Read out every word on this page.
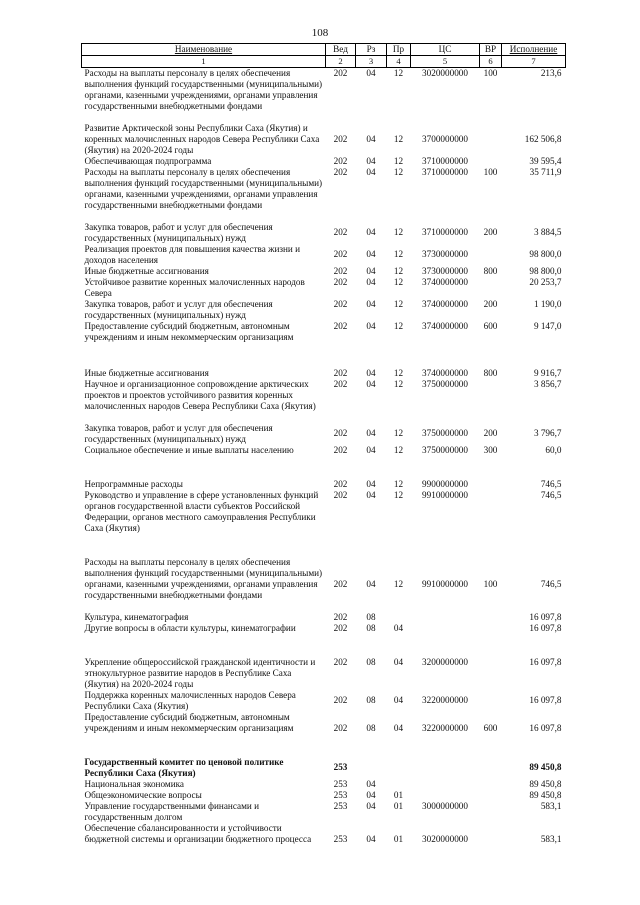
108
Наименование	Вед	Рз	Пр	ЦС	ВР	Исполнение
1	2	3	4	5	6	7
Расходы на выплаты персоналу в целях обеспечения выполнения функций государственными (муниципальными) органами, казенными учреждениями, органами управления государственными внебюджетными фондами	202	04	12	3020000000	100	213,6
Развитие Арктической зоны Республики Саха (Якутия) и коренных малочисленных народов Севера Республики Саха (Якутия) на 2020-2024 годы	202	04	12	3700000000		162 506,8
Обеспечивающая подпрограмма	202	04	12	3710000000		39 595,4
Расходы на выплаты персоналу в целях обеспечения выполнения функций государственными (муниципальными) органами, казенными учреждениями, органами управления государственными внебюджетными фондами	202	04	12	3710000000	100	35 711,9
Закупка товаров, работ и услуг для обеспечения государственных (муниципальных) нужд	202	04	12	3710000000	200	3 884,5
Реализация проектов для повышения качества жизни и доходов населения	202	04	12	3730000000		98 800,0
Иные бюджетные ассигнования	202	04	12	3730000000	800	98 800,0
Устойчивое развитие коренных малочисленных народов Севера	202	04	12	3740000000		20 253,7
Закупка товаров, работ и услуг для обеспечения государственных (муниципальных) нужд	202	04	12	3740000000	200	1 190,0
Предоставление субсидий бюджетным, автономным учреждениям и иным некоммерческим организациям	202	04	12	3740000000	600	9 147,0

Иные бюджетные ассигнования	202	04	12	3740000000	800	9 916,7
Научное и организационное сопровождение арктических проектов и проектов устойчивого развития коренных малочисленных народов Севера Республики Саха (Якутия)	202	04	12	3750000000		3 856,7
Закупка товаров, работ и услуг для обеспечения государственных (муниципальных) нужд	202	04	12	3750000000	200	3 796,7
Социальное обеспечение и иные выплаты населению	202	04	12	3750000000	300	60,0

Непрограммные расходы	202	04	12	9900000000		746,5
Руководство и управление в сфере установленных функций органов государственной власти субъектов Российской Федерации, органов местного самоуправления Республики Саха (Якутия)	202	04	12	9910000000		746,5

Расходы на выплаты персоналу в целях обеспечения выполнения функций государственными (муниципальными) органами, казенными учреждениями, органами управления государственными внебюджетными фондами	202	04	12	9910000000	100	746,5
Культура, кинематография	202	08				16 097,8
Другие вопросы в области культуры, кинематографии	202	08	04			16 097,8

Укрепление общероссийской гражданской идентичности и этнокультурное развитие народов в Республике Саха (Якутия) на 2020-2024 годы	202	08	04	3200000000		16 097,8
Поддержка коренных малочисленных народов Севера Республики Саха (Якутия)	202	08	04	3220000000		16 097,8
Предоставление субсидий бюджетным, автономным учреждениям и иным некоммерческим организациям	202	08	04	3220000000	600	16 097,8

Государственный комитет по ценовой политике Республики Саха (Якутия)	253					89 450,8
Национальная экономика	253	04				89 450,8
Общеэкономические вопросы	253	04	01			89 450,8
Управление государственными финансами и государственным долгом	253	04	01	3000000000		583,1
Обеспечение сбалансированности и устойчивости бюджетной системы и организации бюджетного процесса	253	04	01	3020000000		583,1
